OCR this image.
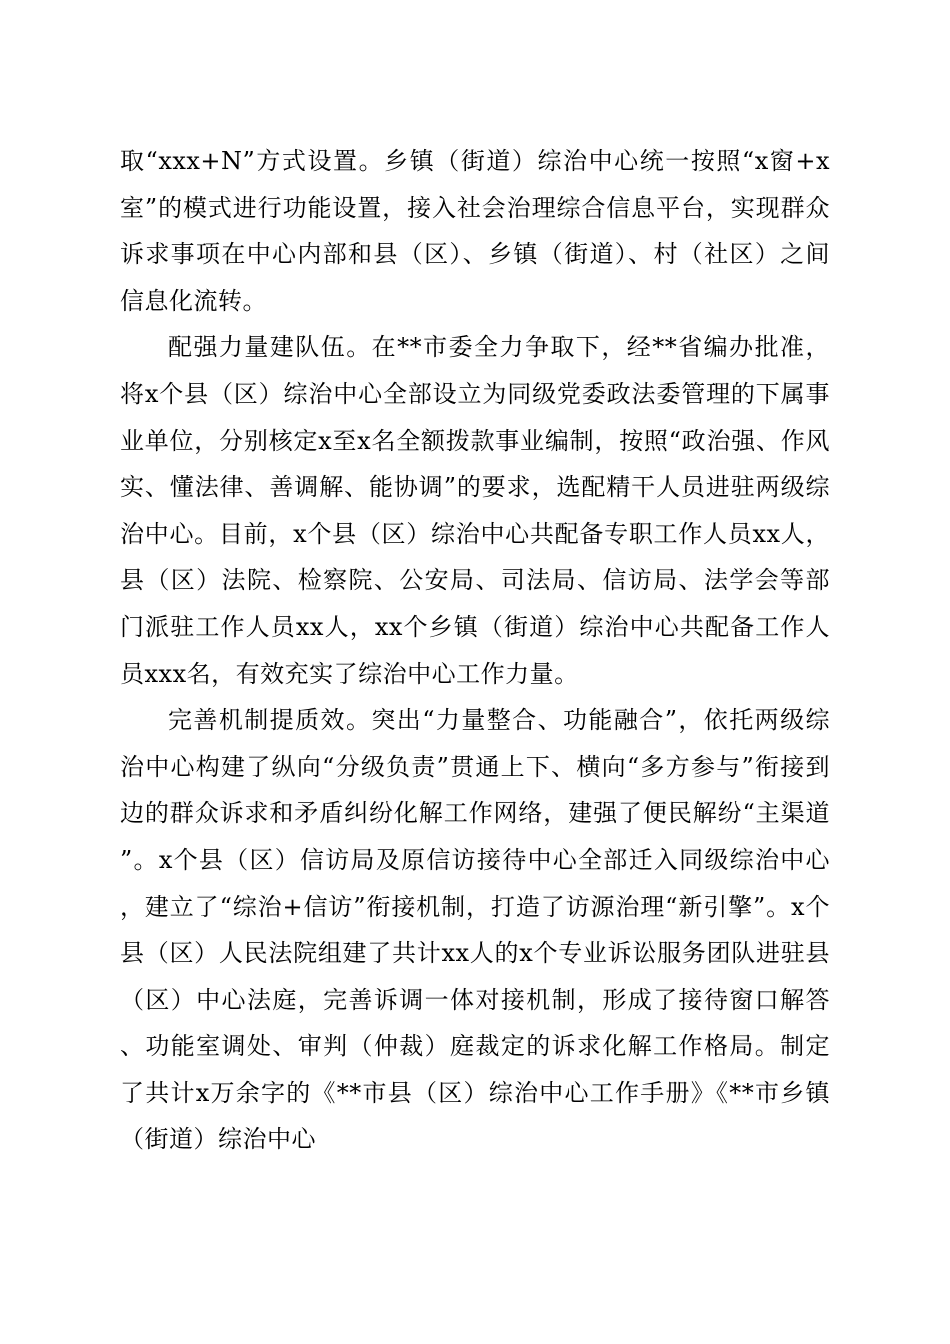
取“xxx+N”方式设置。乡镇（街道）综治中心统一按照“x窗+x室”的模式进行功能设置，接入社会治理综合信息平台，实现群众诉求事项在中心内部和县（区）、乡镇（街道）、村（社区）之间信息化流转。

配强力量建队伍。在**市委全力争取下，经**省编办批准，将x个县（区）综治中心全部设立为同级党委政法委管理的下属事业单位，分别核定x至x名全额拨款事业编制，按照“政治强、作风实、懂法律、善调解、能协调”的要求，选配精干人员进驻两级综治中心。目前，x个县（区）综治中心共配备专职工作人员xx人，县（区）法院、检察院、公安局、司法局、信访局、法学会等部门派驻工作人员xx人，xx个乡镇（街道）综治中心共配备工作人员xxx名，有效充实了综治中心工作力量。

完善机制提质效。突出“力量整合、功能融合”，依托两级综治中心构建了纵向“分级负责”贯通上下、横向“多方参与”衔接到边的群众诉求和矛盾纠纷化解工作网络，建强了便民解纷“主渠道”。x个县（区）信访局及原信访接待中心全部迁入同级综治中心，建立了“综治+信访”衔接机制，打造了访源治理“新引擎”。x个县（区）人民法院组建了共计xx人的x个专业诉讼服务团队进驻县（区）中心法庭，完善诉调一体对接机制，形成了接待窗口解答、功能室调处、审判（仲裁）庭裁定的诉求化解工作格局。制定了共计x万余字的《**市县（区）综治中心工作手册》《**市乡镇（街道）综治中心
